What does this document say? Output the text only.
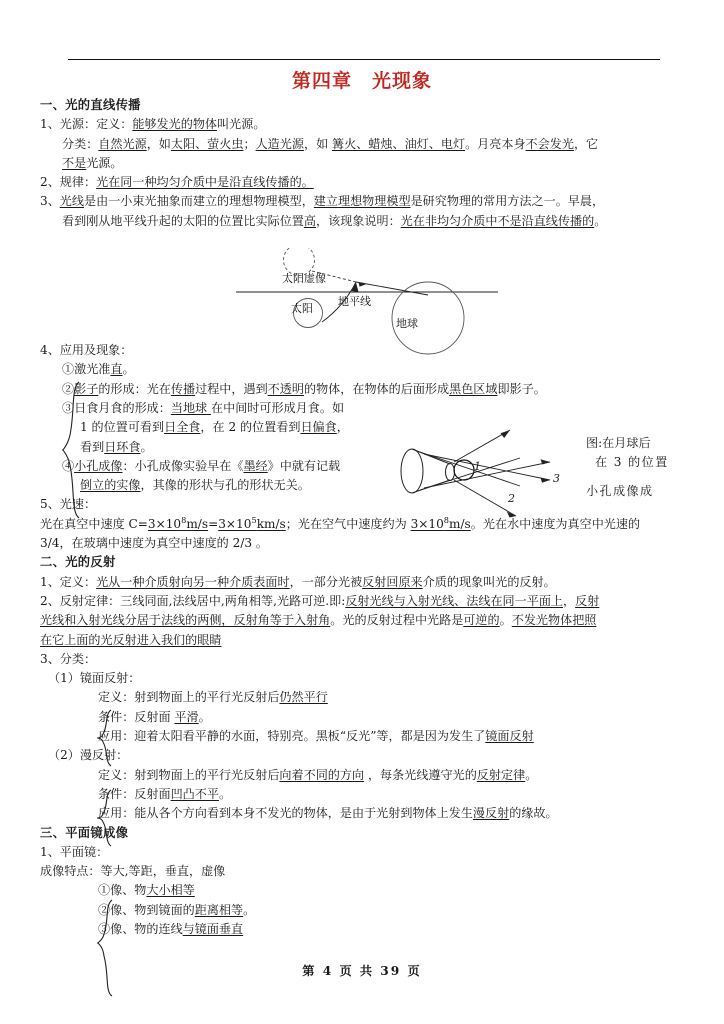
第四章　光现象
一、光的直线传播
1、光源：定义：能够发光的物体叫光源。
分类：自然光源，如太阳、萤火虫；人造光源，如 篝火、蜡烛、油灯、电灯。月亮本身不会发光，它
不是光源。
2、规律：光在同一种均匀介质中是沿直线传播的。
3、光线是由一小束光抽象而建立的理想物理模型，建立理想物理模型是研究物理的常用方法之一。早晨，
看到刚从地平线升起的太阳的位置比实际位置高，该现象说明：光在非均匀介质中不是沿直线传播的。

4、应用及现象：
①激光准直。
②影子的形成：光在传播过程中，遇到不透明的物体，在物体的后面形成黑色区域即影子。
③日食月食的形成：当地球 在中间时可形成月食。如
1 的位置可看到日全食，在 2 的位置看到日偏食，
看到日环食。
④小孔成像：小孔成像实验早在《墨经》中就有记载
倒立的实像，其像的形状与孔的形状无关。
5、光速：
光在真空中速度 $C=3\times 10^8m/s=3\times 10^5km/s$；光在空气中速度约为 $3\times 10^8m/s$。光在水中速度为真空中光速的
3/4，在玻璃中速度为真空中速度的 2/3 。
二、光的反射
1、定义：光从一种介质射向另一种介质表面时，一部分光被反射回原来介质的现象叫光的反射。
2、反射定律：三线同面,法线居中,两角相等,光路可逆.即:反射光线与入射光线、法线在同一平面上，反射
光线和入射光线分居于法线的两侧，反射角等于入射角。光的反射过程中光路是可逆的。不发光物体把照
在它上面的光反射进入我们的眼睛
3、分类：
（1）镜面反射：
定义：射到物面上的平行光反射后仍然平行
条件：反射面 平滑。
应用：迎着太阳看平静的水面，特别亮。黑板“反光”等，都是因为发生了镜面反射
（2）漫反射：
定义：射到物面上的平行光反射后向着不同的方向 ，每条光线遵守光的反射定律。
条件：反射面凹凸不平。
应用：能从各个方向看到本身不发光的物体，是由于光射到物体上发生漫反射的缘故。
三、平面镜成像
1、平面镜：
成像特点：等大,等距，垂直，虚像
①像、物大小相等
②像、物到镜面的距离相等。
③像、物的连线与镜面垂直
太阳虚像
太阳
地平线
地球
1
2
3
图:在月球后
在 3 的位置
小孔成像成
第 4 页 共 39 页
